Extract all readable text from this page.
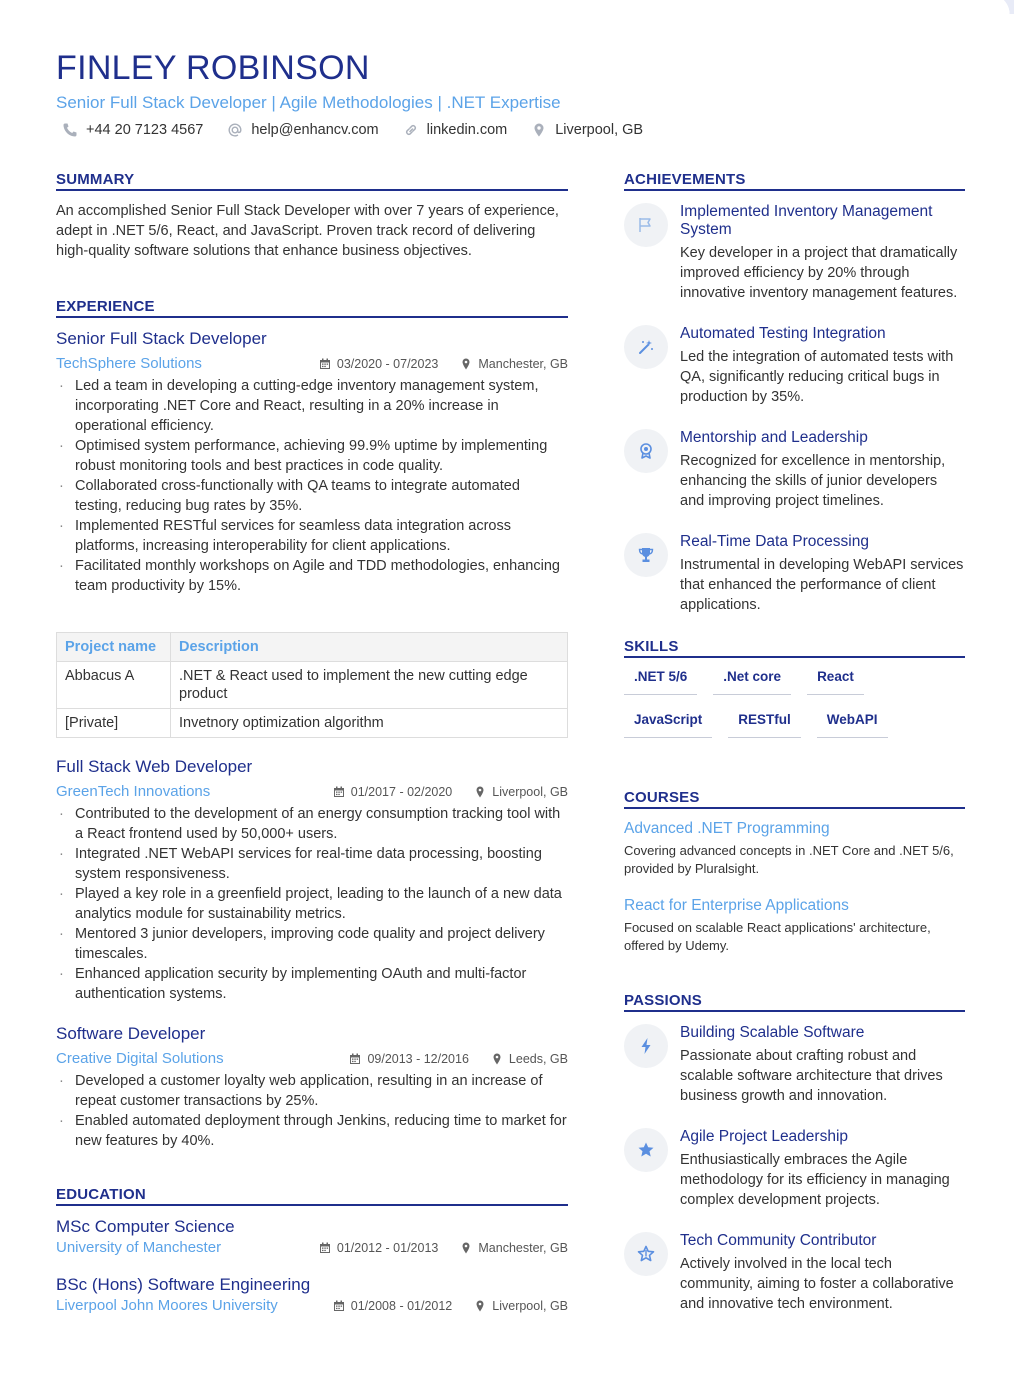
FINLEY ROBINSON
Senior Full Stack Developer | Agile Methodologies | .NET Expertise
+44 20 7123 4567	help@enhancv.com	linkedin.com	Liverpool, GB
SUMMARY

An accomplished Senior Full Stack Developer with over 7 years of experience, adept in .NET 5/6, React, and JavaScript. Proven track record of delivering high-quality software solutions that enhance business objectives.

EXPERIENCE
Senior Full Stack Developer
TechSphere Solutions	03/2020 - 07/2023	Manchester, GB
· Led a team in developing a cutting-edge inventory management system, incorporating .NET Core and React, resulting in a 20% increase in operational efficiency.
· Optimised system performance, achieving 99.9% uptime by implementing robust monitoring tools and best practices in code quality.
· Collaborated cross-functionally with QA teams to integrate automated testing, reducing bug rates by 35%.
· Implemented RESTful services for seamless data integration across platforms, increasing interoperability for client applications.
· Facilitated monthly workshops on Agile and TDD methodologies, enhancing team productivity by 15%.
Project name	Description
Abbacus A	.NET & React used to implement the new cutting edge product
[Private]	Invetnory optimization algorithm
Full Stack Web Developer
GreenTech Innovations	01/2017 - 02/2020	Liverpool, GB
· Contributed to the development of an energy consumption tracking tool with a React frontend used by 50,000+ users.
· Integrated .NET WebAPI services for real-time data processing, boosting system responsiveness.
· Played a key role in a greenfield project, leading to the launch of a new data analytics module for sustainability metrics.
· Mentored 3 junior developers, improving code quality and project delivery timescales.
· Enhanced application security by implementing OAuth and multi-factor authentication systems.
Software Developer
Creative Digital Solutions	09/2013 - 12/2016	Leeds, GB
· Developed a customer loyalty web application, resulting in an increase of repeat customer transactions by 25%.
· Enabled automated deployment through Jenkins, reducing time to market for new features by 40%.
EDUCATION
MSc Computer Science
University of Manchester	01/2012 - 01/2013	Manchester, GB
BSc (Hons) Software Engineering
Liverpool John Moores University	01/2008 - 01/2012	Liverpool, GB
ACHIEVEMENTS
Implemented Inventory Management System
Key developer in a project that dramatically improved efficiency by 20% through innovative inventory management features.
Automated Testing Integration
Led the integration of automated tests with QA, significantly reducing critical bugs in production by 35%.
Mentorship and Leadership
Recognized for excellence in mentorship, enhancing the skills of junior developers and improving project timelines.
Real-Time Data Processing
Instrumental in developing WebAPI services that enhanced the performance of client applications.
SKILLS
.NET 5/6	.Net core	React
JavaScript	RESTful	WebAPI
COURSES
Advanced .NET Programming
Covering advanced concepts in .NET Core and .NET 5/6, provided by Pluralsight.
React for Enterprise Applications
Focused on scalable React applications' architecture, offered by Udemy.
PASSIONS
Building Scalable Software
Passionate about crafting robust and scalable software architecture that drives business growth and innovation.
Agile Project Leadership
Enthusiastically embraces the Agile methodology for its efficiency in managing complex development projects.
Tech Community Contributor
Actively involved in the local tech community, aiming to foster a collaborative and innovative tech environment.
